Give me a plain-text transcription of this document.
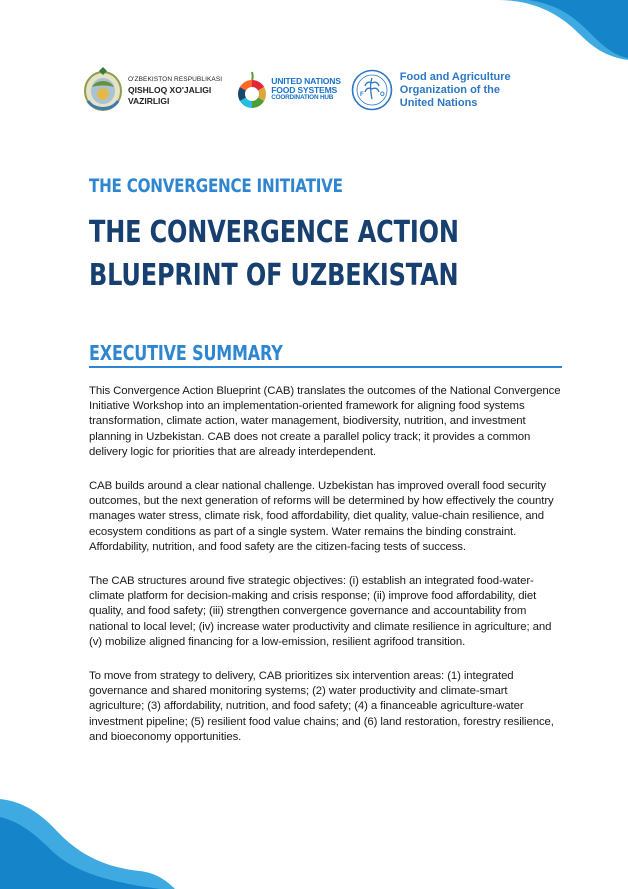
O'ZBEKISTON RESPUBLIKASI
QISHLOQ XO'JALIGI
VAZIRLIGI
UNITED NATIONS
FOOD SYSTEMS
COORDINATION HUB	F	O
Food and Agriculture
Organization of the
United Nations
THE CONVERGENCE INITIATIVE
THE CONVERGENCE ACTION
BLUEPRINT OF UZBEKISTAN
EXECUTIVE SUMMARY

This Convergence Action Blueprint (CAB) translates the outcomes of the National Convergence Initiative Workshop into an implementation-oriented framework for aligning food systems transformation, climate action, water management, biodiversity, nutrition, and investment planning in Uzbekistan. CAB does not create a parallel policy track; it provides a common delivery logic for priorities that are already interdependent.

CAB builds around a clear national challenge. Uzbekistan has improved overall food security outcomes, but the next generation of reforms will be determined by how effectively the country manages water stress, climate risk, food affordability, diet quality, value-chain resilience, and ecosystem conditions as part of a single system. Water remains the binding constraint. Affordability, nutrition, and food safety are the citizen-facing tests of success.

The CAB structures around five strategic objectives: (i) establish an integrated food-water-climate platform for decision-making and crisis response; (ii) improve food affordability, diet quality, and food safety; (iii) strengthen convergence governance and accountability from national to local level; (iv) increase water productivity and climate resilience in agriculture; and (v) mobilize aligned financing for a low-emission, resilient agrifood transition.

To move from strategy to delivery, CAB prioritizes six intervention areas: (1) integrated governance and shared monitoring systems; (2) water productivity and climate-smart agriculture; (3) affordability, nutrition, and food safety; (4) a financeable agriculture-water investment pipeline; (5) resilient food value chains; and (6) land restoration, forestry resilience, and bioeconomy opportunities.
